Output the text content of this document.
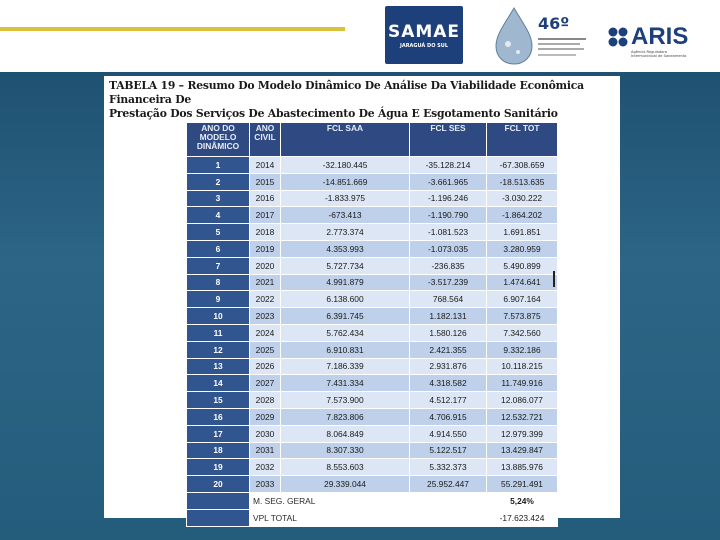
SAMAE
JARAGUÁ DO SUL
46º	ARIS
Agência Reguladora Intermunicipal de Saneamento
TABELA 19 – Resumo Do Modelo Dinâmico De Análise Da Viabilidade Econômica Financeira De
Prestação Dos Serviços De Abastecimento De Água E Esgotamento Sanitário
ANO DO MODELO DINÂMICO	ANO CIVIL	FCL SAA	FCL SES	FCL TOT
1	2014	-32.180.445	-35.128.214	-67.308.659
2	2015	-14.851.669	-3.661.965	-18.513.635
3	2016	-1.833.975	-1.196.246	-3.030.222
4	2017	-673.413	-1.190.790	-1.864.202
5	2018	2.773.374	-1.081.523	1.691.851
6	2019	4.353.993	-1.073.035	3.280.959
7	2020	5.727.734	-236.835	5.490.899
8	2021	4.991.879	-3.517.239	1.474.641
9	2022	6.138.600	768.564	6.907.164
10	2023	6.391.745	1.182.131	7.573.875
11	2024	5.762.434	1.580.126	7.342.560
12	2025	6.910.831	2.421.355	9.332.186
13	2026	7.186.339	2.931.876	10.118.215
14	2027	7.431.334	4.318.582	11.749.916
15	2028	7.573.900	4.512.177	12.086.077
16	2029	7.823.806	4.706.915	12.532.721
17	2030	8.064.849	4.914.550	12.979.399
18	2031	8.307.330	5.122.517	13.429.847
19	2032	8.553.603	5.332.373	13.885.976
20	2033	29.339.044	25.952.447	55.291.491
	M. SEG. GERAL			5,24%
	VPL TOTAL			-17.623.424
